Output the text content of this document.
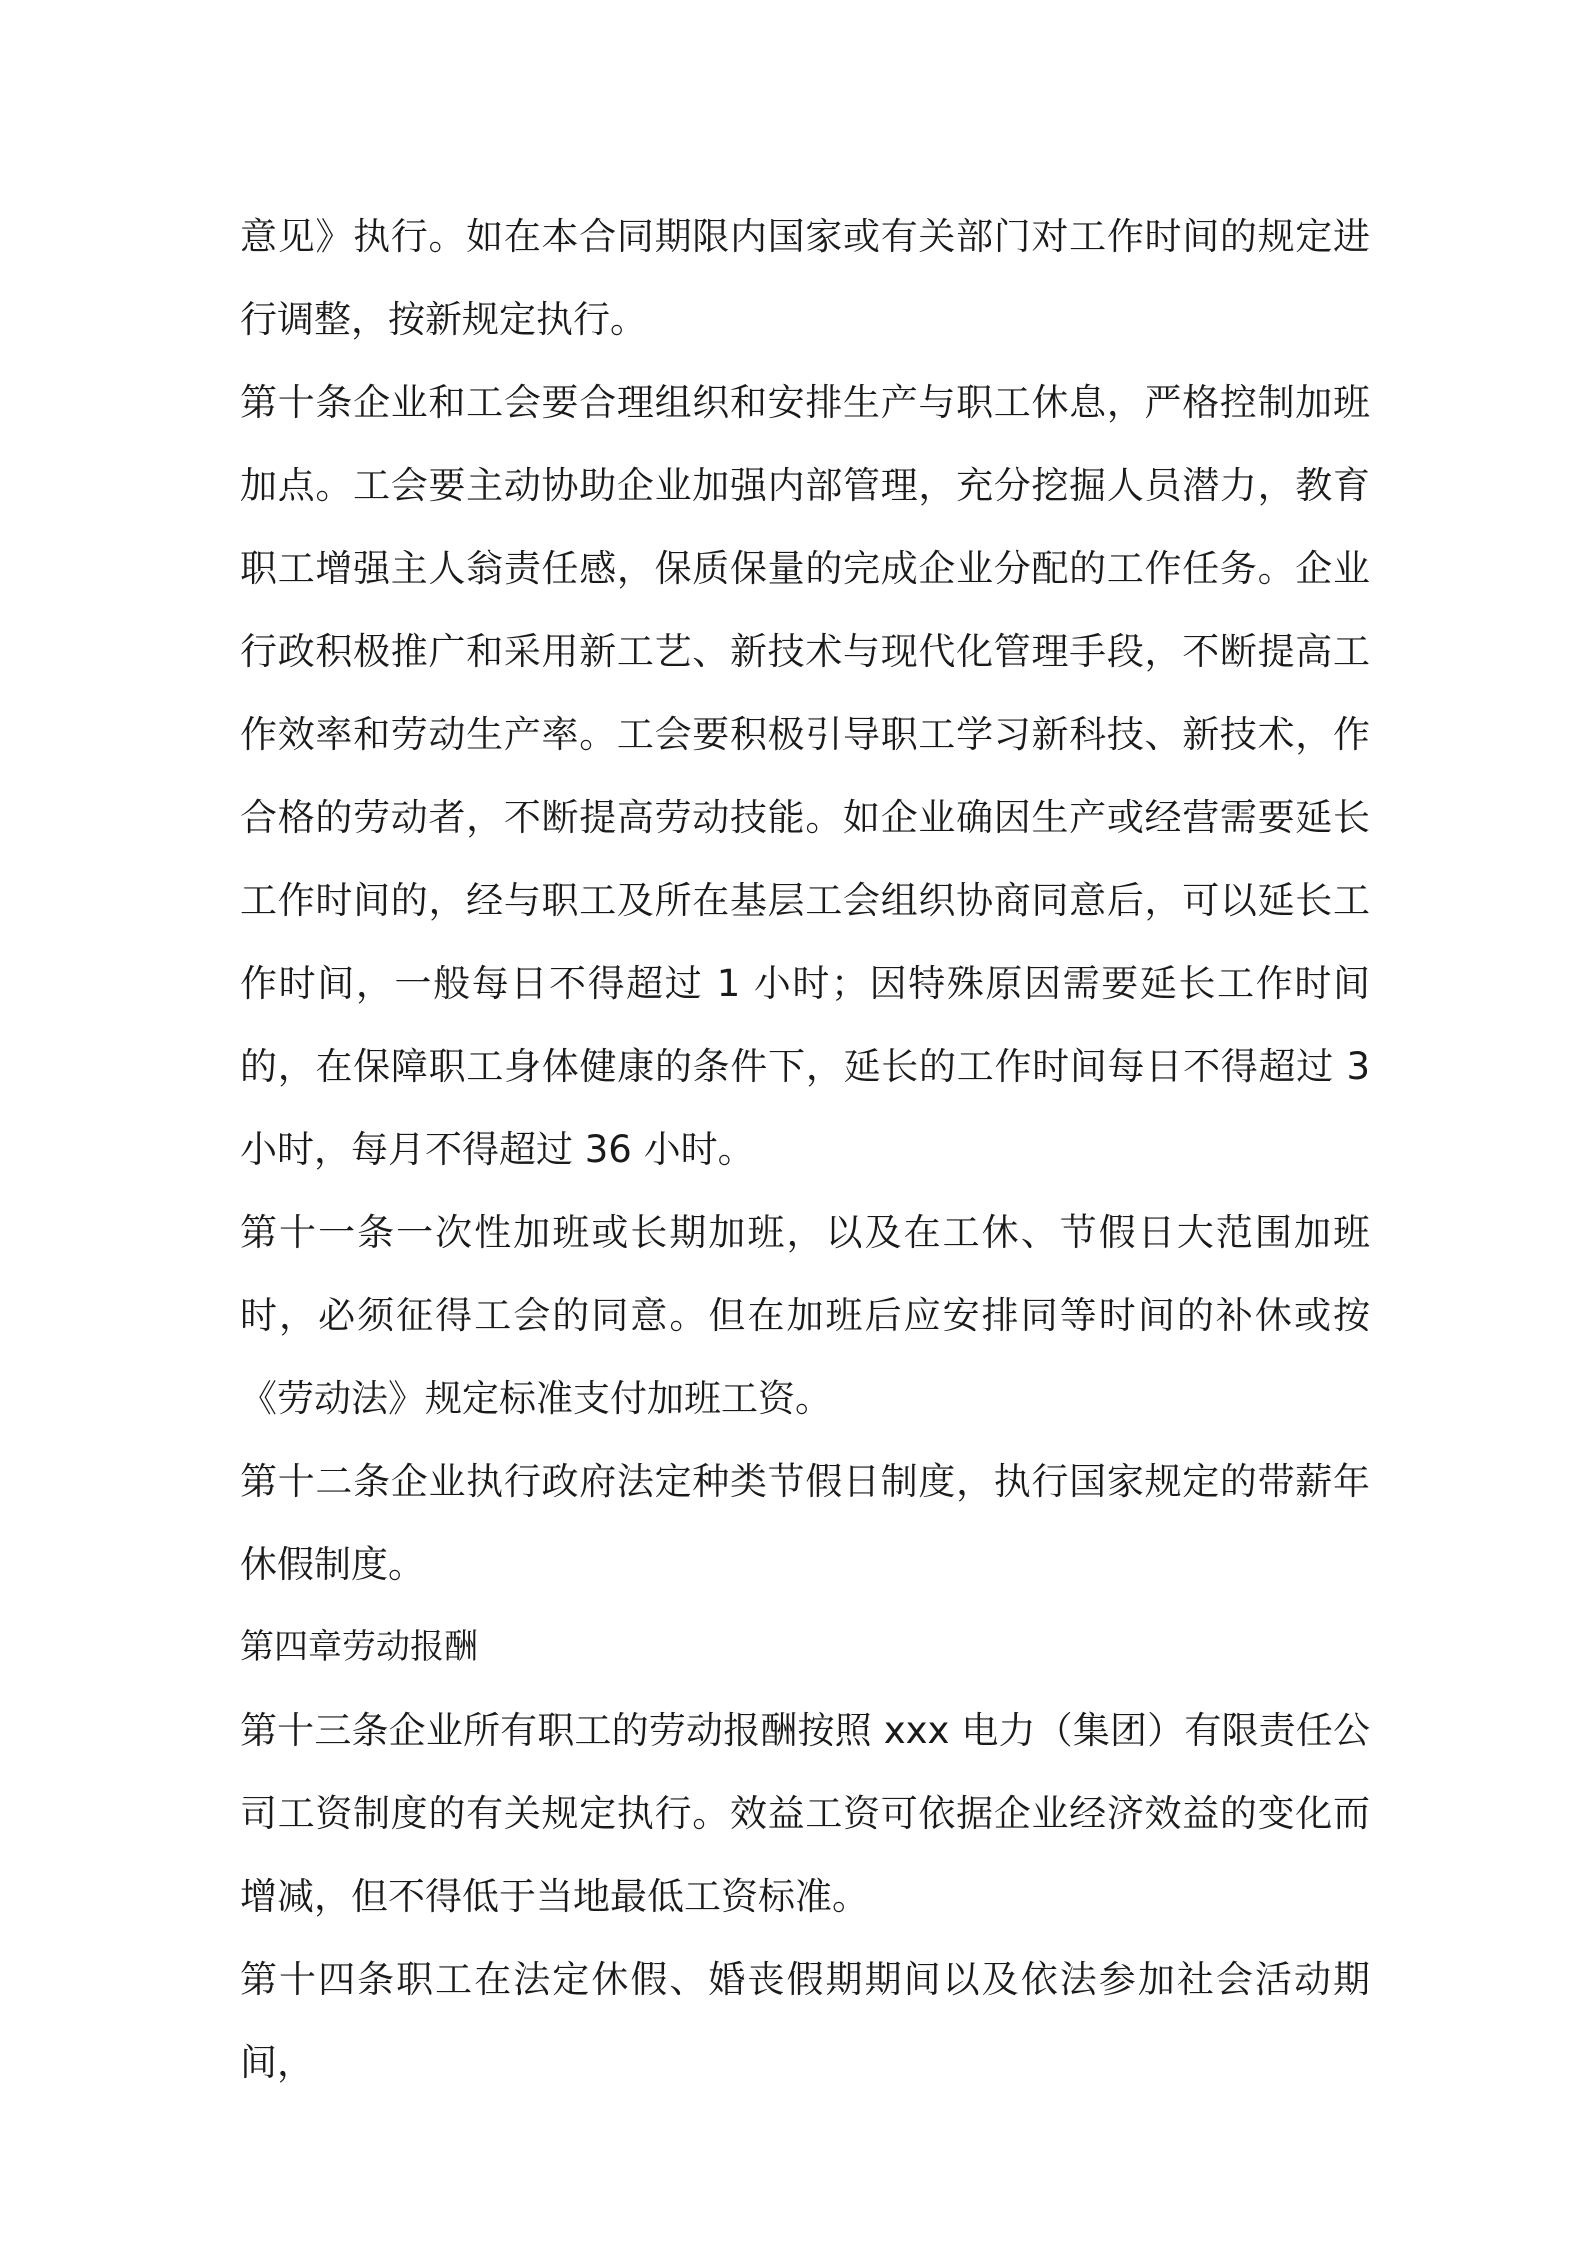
意见》执行。如在本合同期限内国家或有关部门对工作时间的规定进行调整，按新规定执行。

第十条企业和工会要合理组织和安排生产与职工休息，严格控制加班加点。工会要主动协助企业加强内部管理，充分挖掘人员潜力，教育职工增强主人翁责任感，保质保量的完成企业分配的工作任务。企业行政积极推广和采用新工艺、新技术与现代化管理手段，不断提高工作效率和劳动生产率。工会要积极引导职工学习新科技、新技术，作合格的劳动者，不断提高劳动技能。如企业确因生产或经营需要延长工作时间的，经与职工及所在基层工会组织协商同意后，可以延长工作时间，一般每日不得超过 1 小时；因特殊原因需要延长工作时间的，在保障职工身体健康的条件下，延长的工作时间每日不得超过 3 小时，每月不得超过 36 小时。

第十一条一次性加班或长期加班，以及在工休、节假日大范围加班时，必须征得工会的同意。但在加班后应安排同等时间的补休或按《劳动法》规定标准支付加班工资。

第十二条企业执行政府法定种类节假日制度，执行国家规定的带薪年休假制度。

第四章劳动报酬

第十三条企业所有职工的劳动报酬按照 xxx 电力（集团）有限责任公司工资制度的有关规定执行。效益工资可依据企业经济效益的变化而增减，但不得低于当地最低工资标准。

第十四条职工在法定休假、婚丧假期期间以及依法参加社会活动期间，
